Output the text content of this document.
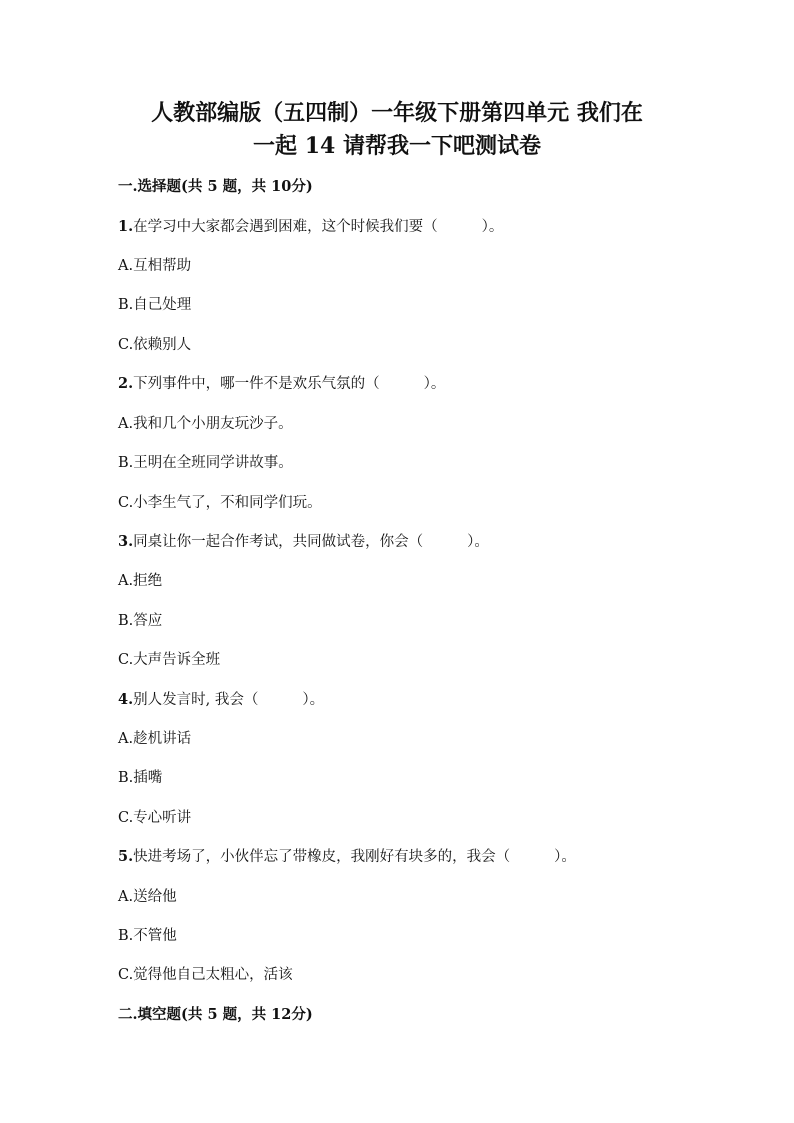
人教部编版（五四制）一年级下册第四单元 我们在
一起 14 请帮我一下吧测试卷

一.选择题(共 5 题，共 10分)

1.在学习中大家都会遇到困难，这个时候我们要（	）。

A.互相帮助

B.自己处理

C.依赖别人

2.下列事件中，哪一件不是欢乐气氛的（	）。

A.我和几个小朋友玩沙子。

B.王明在全班同学讲故事。

C.小李生气了，不和同学们玩。

3.同桌让你一起合作考试，共同做试卷，你会（	）。

A.拒绝

B.答应

C.大声告诉全班

4.别人发言时, 我会（	）。

A.趁机讲话

B.插嘴

C.专心听讲

5.快进考场了，小伙伴忘了带橡皮，我刚好有块多的，我会（	）。

A.送给他

B.不管他

C.觉得他自己太粗心，活该

二.填空题(共 5 题，共 12分)
